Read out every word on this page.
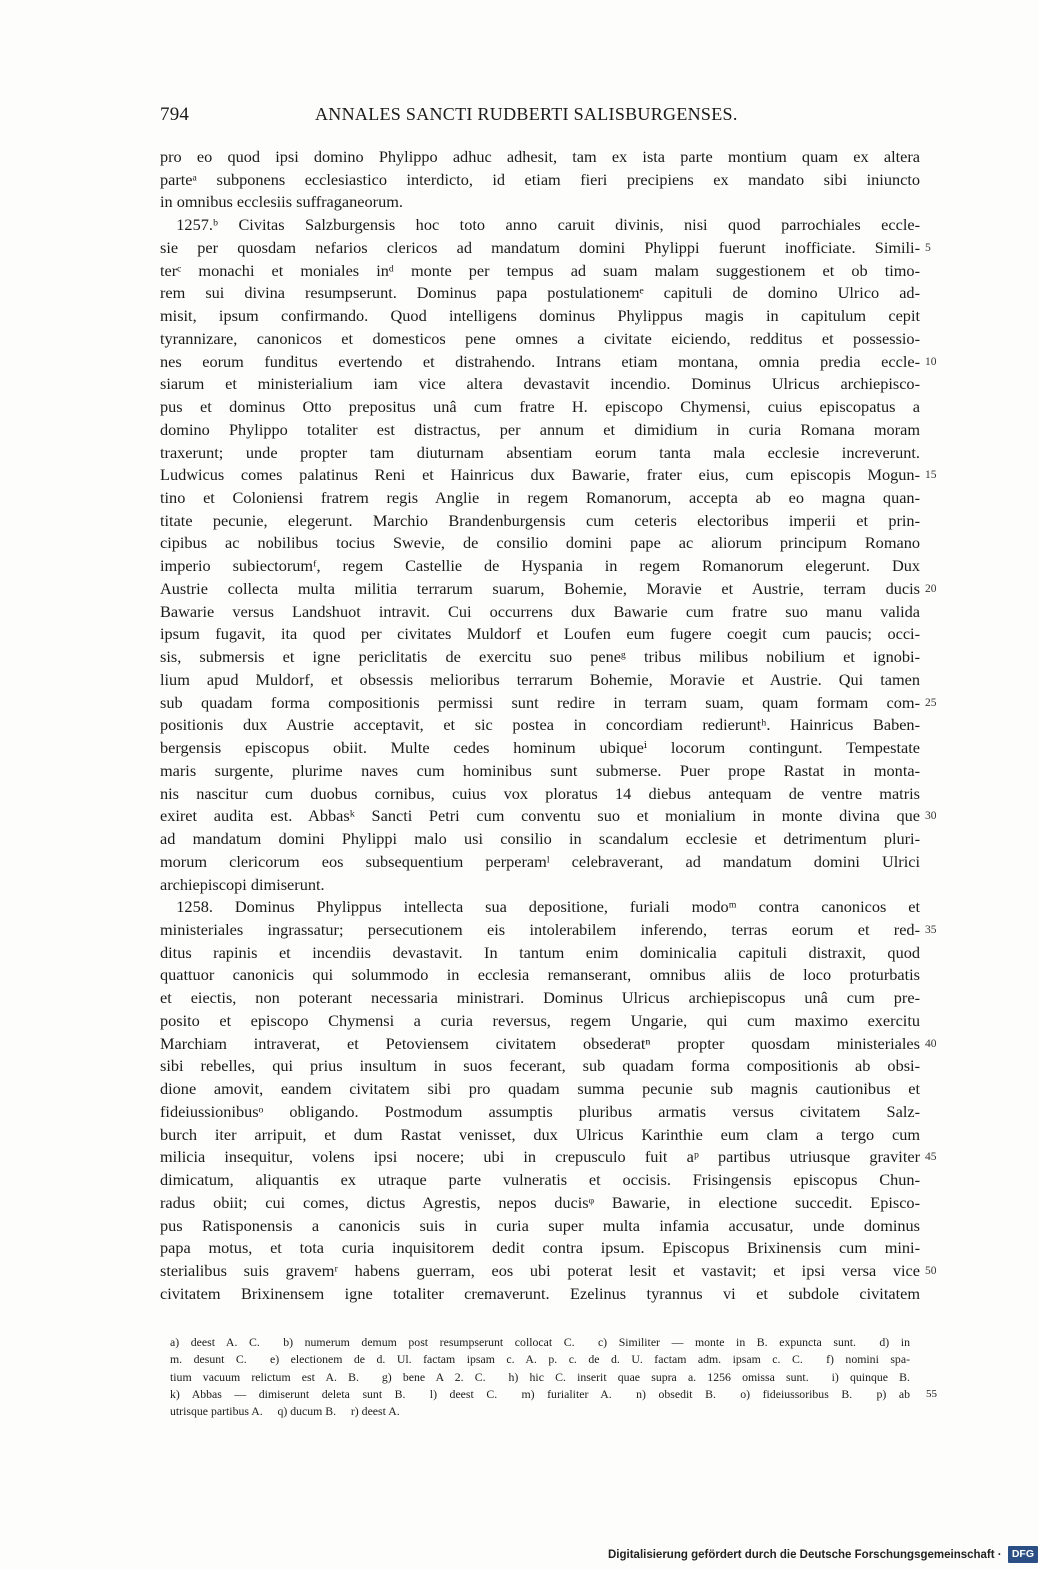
794	ANNALES SANCTI RUDBERTI SALISBURGENSES.
pro eo quod ipsi domino Phylippo adhuc adhesit, tam ex ista parte montium quam ex altera
parteᵃ subponens ecclesiastico interdicto, id etiam fieri precipiens ex mandato sibi iniuncto
in omnibus ecclesiis suffraganeorum.
 1257.ᵇ Civitas Salzburgensis hoc toto anno caruit divinis, nisi quod parrochiales eccle-
sie per quosdam nefarios clericos ad mandatum domini Phylippi fuerunt inofficiate. Simili- 5
terᶜ monachi et moniales inᵈ monte per tempus ad suam malam suggestionem et ob timo-
rem sui divina resumpserunt. Dominus papa postulationemᵉ capituli de domino Ulrico ad-
misit, ipsum confirmando. Quod intelligens dominus Phylippus magis in capitulum cepit
tyrannizare, canonicos et domesticos pene omnes a civitate eiciendo, redditus et possessio-
nes eorum funditus evertendo et distrahendo. Intrans etiam montana, omnia predia eccle- 10
siarum et ministerialium iam vice altera devastavit incendio. Dominus Ulricus archiepisco-
pus et dominus Otto prepositus unâ cum fratre H. episcopo Chymensi, cuius episcopatus a
domino Phylippo totaliter est distractus, per annum et dimidium in curia Romana moram
traxerunt; unde propter tam diuturnam absentiam eorum tanta mala ecclesie increverunt.
Ludwicus comes palatinus Reni et Hainricus dux Bawarie, frater eius, cum episcopis Mogun- 15
tino et Coloniensi fratrem regis Anglie in regem Romanorum, accepta ab eo magna quan-
titate pecunie, elegerunt. Marchio Brandenburgensis cum ceteris electoribus imperii et prin-
cipibus ac nobilibus tocius Swevie, de consilio domini pape ac aliorum principum Romano
imperio subiectorumᶠ, regem Castellie de Hyspania in regem Romanorum elegerunt. Dux
Austrie collecta multa militia terrarum suarum, Bohemie, Moravie et Austrie, terram ducis 20
Bawarie versus Landshuot intravit. Cui occurrens dux Bawarie cum fratre suo manu valida
ipsum fugavit, ita quod per civitates Muldorf et Loufen eum fugere coegit cum paucis; occi-
sis, submersis et igne periclitatis de exercitu suo peneᵍ tribus milibus nobilium et ignobi-
lium apud Muldorf, et obsessis melioribus terrarum Bohemie, Moravie et Austrie. Qui tamen
sub quadam forma compositionis permissi sunt redire in terram suam, quam formam com- 25
positionis dux Austrie acceptavit, et sic postea in concordiam redieruntʰ. Hainricus Baben-
bergensis episcopus obiit. Multe cedes hominum ubiqueⁱ locorum contingunt. Tempestate
maris surgente, plurime naves cum hominibus sunt submerse. Puer prope Rastat in monta-
nis nascitur cum duobus cornibus, cuius vox ploratus 14 diebus antequam de ventre matris
exiret audita est. Abbasᵏ Sancti Petri cum conventu suo et monialium in monte divina que 30
ad mandatum domini Phylippi malo usi consilio in scandalum ecclesie et detrimentum pluri-
morum clericorum eos subsequentium perperamˡ celebraverant, ad mandatum domini Ulrici
archiepiscopi dimiserunt.
 1258. Dominus Phylippus intellecta sua depositione, furiali modoᵐ contra canonicos et
ministeriales ingrassatur; persecutionem eis intolerabilem inferendo, terras eorum et red- 35
ditus rapinis et incendiis devastavit. In tantum enim dominicalia capituli distraxit, quod
quattuor canonicis qui solummodo in ecclesia remanserant, omnibus aliis de loco proturbatis
et eiectis, non poterant necessaria ministrari. Dominus Ulricus archiepiscopus unâ cum pre-
posito et episcopo Chymensi a curia reversus, regem Ungarie, qui cum maximo exercitu
Marchiam intraverat, et Petoviensem civitatem obsederatⁿ propter quosdam ministeriales 40
sibi rebelles, qui prius insultum in suos fecerant, sub quadam forma compositionis ab obsi-
dione amovit, eandem civitatem sibi pro quadam summa pecunie sub magnis cautionibus et
fideiussionibusᵒ obligando. Postmodum assumptis pluribus armatis versus civitatem Salz-
burch iter arripuit, et dum Rastat venisset, dux Ulricus Karinthie eum clam a tergo cum
milicia insequitur, volens ipsi nocere; ubi in crepusculo fuit aᵖ partibus utriusque graviter 45
dimicatum, aliquantis ex utraque parte vulneratis et occisis. Frisingensis episcopus Chun-
radus obiit; cui comes, dictus Agrestis, nepos ducisᵠ Bawarie, in electione succedit. Episco-
pus Ratisponensis a canonicis suis in curia super multa infamia accusatur, unde dominus
papa motus, et tota curia inquisitorem dedit contra ipsum. Episcopus Brixinensis cum mini-
sterialibus suis gravemʳ habens guerram, eos ubi poterat lesit et vastavit; et ipsi versa vice 50
civitatem Brixinensem igne totaliter cremaverunt. Ezelinus tyrannus vi et subdole civitatem
a) deest A. C.  b) numerum demum post resumpserunt collocat C.  c) Similiter — monte in B. expuncta sunt.  d) in
m. desunt C.  e) electionem de d. Ul. factam ipsam c. A. p. c. de d. U. factam adm. ipsam c. C.  f) nomini spa-
tium vacuum relictum est A. B.  g) bene A 2. C.  h) hic C. inserit quae supra a. 1256 omissa sunt.  i) quinque B.
k) Abbas — dimiserunt deleta sunt B.  l) deest C.  m) furialiter A.  n) obsedit B.  o) fideiussoribus B.  p) ab 55
utrisque partibus A.  q) ducum B.  r) deest A.
Digitalisierung gefördert durch die Deutsche Forschungsgemeinschaft · DFG
